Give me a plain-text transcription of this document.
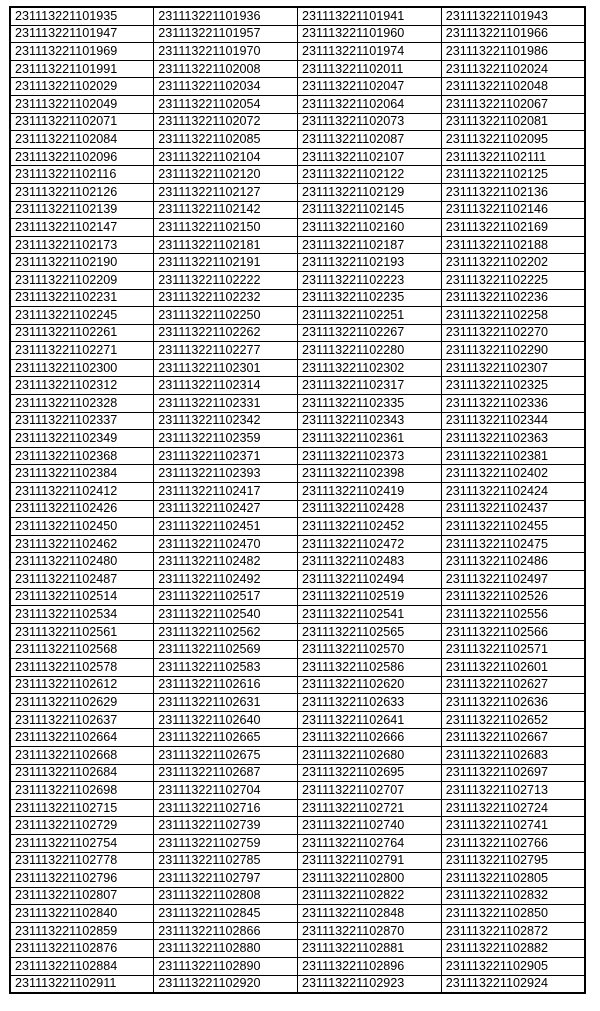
231113221101935	231113221101936	231113221101941	231113221101943
231113221101947	231113221101957	231113221101960	231113221101966
231113221101969	231113221101970	231113221101974	231113221101986
231113221101991	231113221102008	231113221102011	231113221102024
231113221102029	231113221102034	231113221102047	231113221102048
231113221102049	231113221102054	231113221102064	231113221102067
231113221102071	231113221102072	231113221102073	231113221102081
231113221102084	231113221102085	231113221102087	231113221102095
231113221102096	231113221102104	231113221102107	231113221102111
231113221102116	231113221102120	231113221102122	231113221102125
231113221102126	231113221102127	231113221102129	231113221102136
231113221102139	231113221102142	231113221102145	231113221102146
231113221102147	231113221102150	231113221102160	231113221102169
231113221102173	231113221102181	231113221102187	231113221102188
231113221102190	231113221102191	231113221102193	231113221102202
231113221102209	231113221102222	231113221102223	231113221102225
231113221102231	231113221102232	231113221102235	231113221102236
231113221102245	231113221102250	231113221102251	231113221102258
231113221102261	231113221102262	231113221102267	231113221102270
231113221102271	231113221102277	231113221102280	231113221102290
231113221102300	231113221102301	231113221102302	231113221102307
231113221102312	231113221102314	231113221102317	231113221102325
231113221102328	231113221102331	231113221102335	231113221102336
231113221102337	231113221102342	231113221102343	231113221102344
231113221102349	231113221102359	231113221102361	231113221102363
231113221102368	231113221102371	231113221102373	231113221102381
231113221102384	231113221102393	231113221102398	231113221102402
231113221102412	231113221102417	231113221102419	231113221102424
231113221102426	231113221102427	231113221102428	231113221102437
231113221102450	231113221102451	231113221102452	231113221102455
231113221102462	231113221102470	231113221102472	231113221102475
231113221102480	231113221102482	231113221102483	231113221102486
231113221102487	231113221102492	231113221102494	231113221102497
231113221102514	231113221102517	231113221102519	231113221102526
231113221102534	231113221102540	231113221102541	231113221102556
231113221102561	231113221102562	231113221102565	231113221102566
231113221102568	231113221102569	231113221102570	231113221102571
231113221102578	231113221102583	231113221102586	231113221102601
231113221102612	231113221102616	231113221102620	231113221102627
231113221102629	231113221102631	231113221102633	231113221102636
231113221102637	231113221102640	231113221102641	231113221102652
231113221102664	231113221102665	231113221102666	231113221102667
231113221102668	231113221102675	231113221102680	231113221102683
231113221102684	231113221102687	231113221102695	231113221102697
231113221102698	231113221102704	231113221102707	231113221102713
231113221102715	231113221102716	231113221102721	231113221102724
231113221102729	231113221102739	231113221102740	231113221102741
231113221102754	231113221102759	231113221102764	231113221102766
231113221102778	231113221102785	231113221102791	231113221102795
231113221102796	231113221102797	231113221102800	231113221102805
231113221102807	231113221102808	231113221102822	231113221102832
231113221102840	231113221102845	231113221102848	231113221102850
231113221102859	231113221102866	231113221102870	231113221102872
231113221102876	231113221102880	231113221102881	231113221102882
231113221102884	231113221102890	231113221102896	231113221102905
231113221102911	231113221102920	231113221102923	231113221102924
